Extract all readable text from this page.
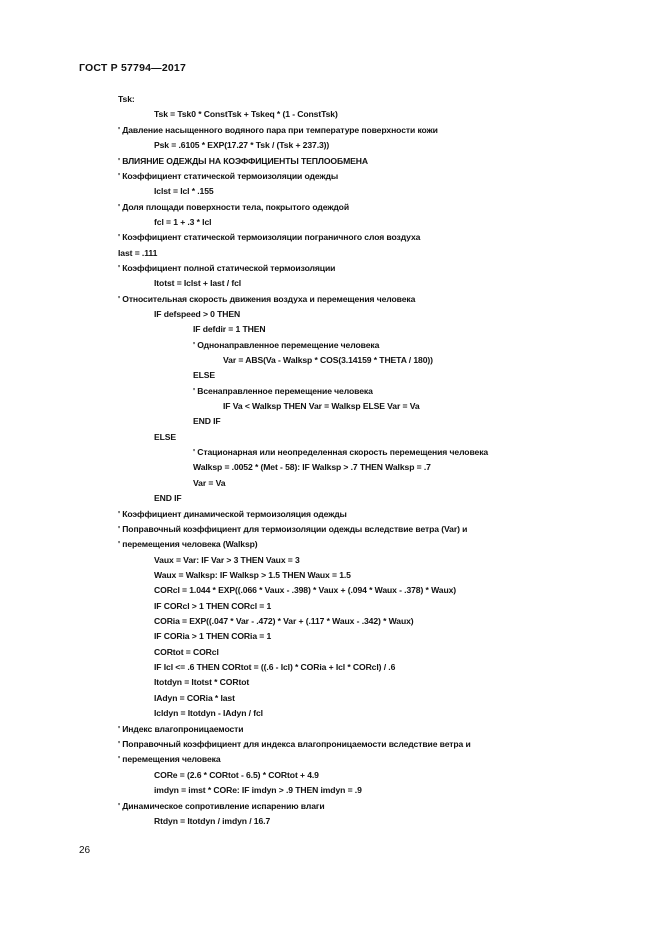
ГОСТ Р 57794—2017
Tsk:
Tsk = Tsk0 * ConstTsk + Tskeq * (1 - ConstTsk)
' Давление насыщенного водяного пара при температуре поверхности кожи
Psk = .6105 * EXP(17.27 * Tsk / (Tsk + 237.3))
' ВЛИЯНИЕ ОДЕЖДЫ НА КОЭФФИЦИЕНТЫ ТЕПЛООБМЕНА
' Коэффициент статической термоизоляции одежды
Iclst = Icl * .155
' Доля площади поверхности тела, покрытого одеждой
fcl = 1 + .3 * Icl
' Коэффициент статической термоизоляции пограничного слоя воздуха
Iast = .111
' Коэффициент полной статической термоизоляции
Itotst = Iclst + Iast / fcl
' Относительная скорость движения воздуха и перемещения человека
IF defspeed > 0 THEN
IF defdir = 1 THEN
' Однонаправленное перемещение человека
Var = ABS(Va - Walksp * COS(3.14159 * THETA / 180))
ELSE
' Всенаправленное перемещение человека
IF Va < Walksp THEN Var = Walksp ELSE Var = Va
END IF
ELSE
' Стационарная или неопределенная скорость перемещения человека
Walksp = .0052 * (Met - 58): IF Walksp > .7 THEN Walksp = .7
Var = Va
END IF
' Коэффициент динамической термоизоляция одежды
' Поправочный коэффициент для термоизоляции одежды вследствие ветра (Var) и
' перемещения человека (Walksp)
Vaux = Var: IF Var > 3 THEN Vaux = 3
Waux = Walksp: IF Walksp > 1.5 THEN Waux = 1.5
CORcl = 1.044 * EXP((.066 * Vaux - .398) * Vaux + (.094 * Waux - .378) * Waux)
IF CORcl > 1 THEN CORcl = 1
CORia = EXP((.047 * Var - .472) * Var + (.117 * Waux - .342) * Waux)
IF CORia > 1 THEN CORia = 1
CORtot = CORcl
IF Icl <= .6 THEN CORtot = ((.6 - Icl) * CORia + Icl * CORcl) / .6
Itotdyn = Itotst * CORtot
IAdyn = CORia * Iast
Icldyn = Itotdyn - IAdyn / fcl
' Индекс влагопроницаемости
' Поправочный коэффициент для индекса влагопроницаемости вследствие ветра и
' перемещения человека
CORe = (2.6 * CORtot - 6.5) * CORtot + 4.9
imdyn = imst * CORe: IF imdyn > .9 THEN imdyn = .9
' Динамическое сопротивление испарению влаги
Rtdyn = Itotdyn / imdyn / 16.7
26
